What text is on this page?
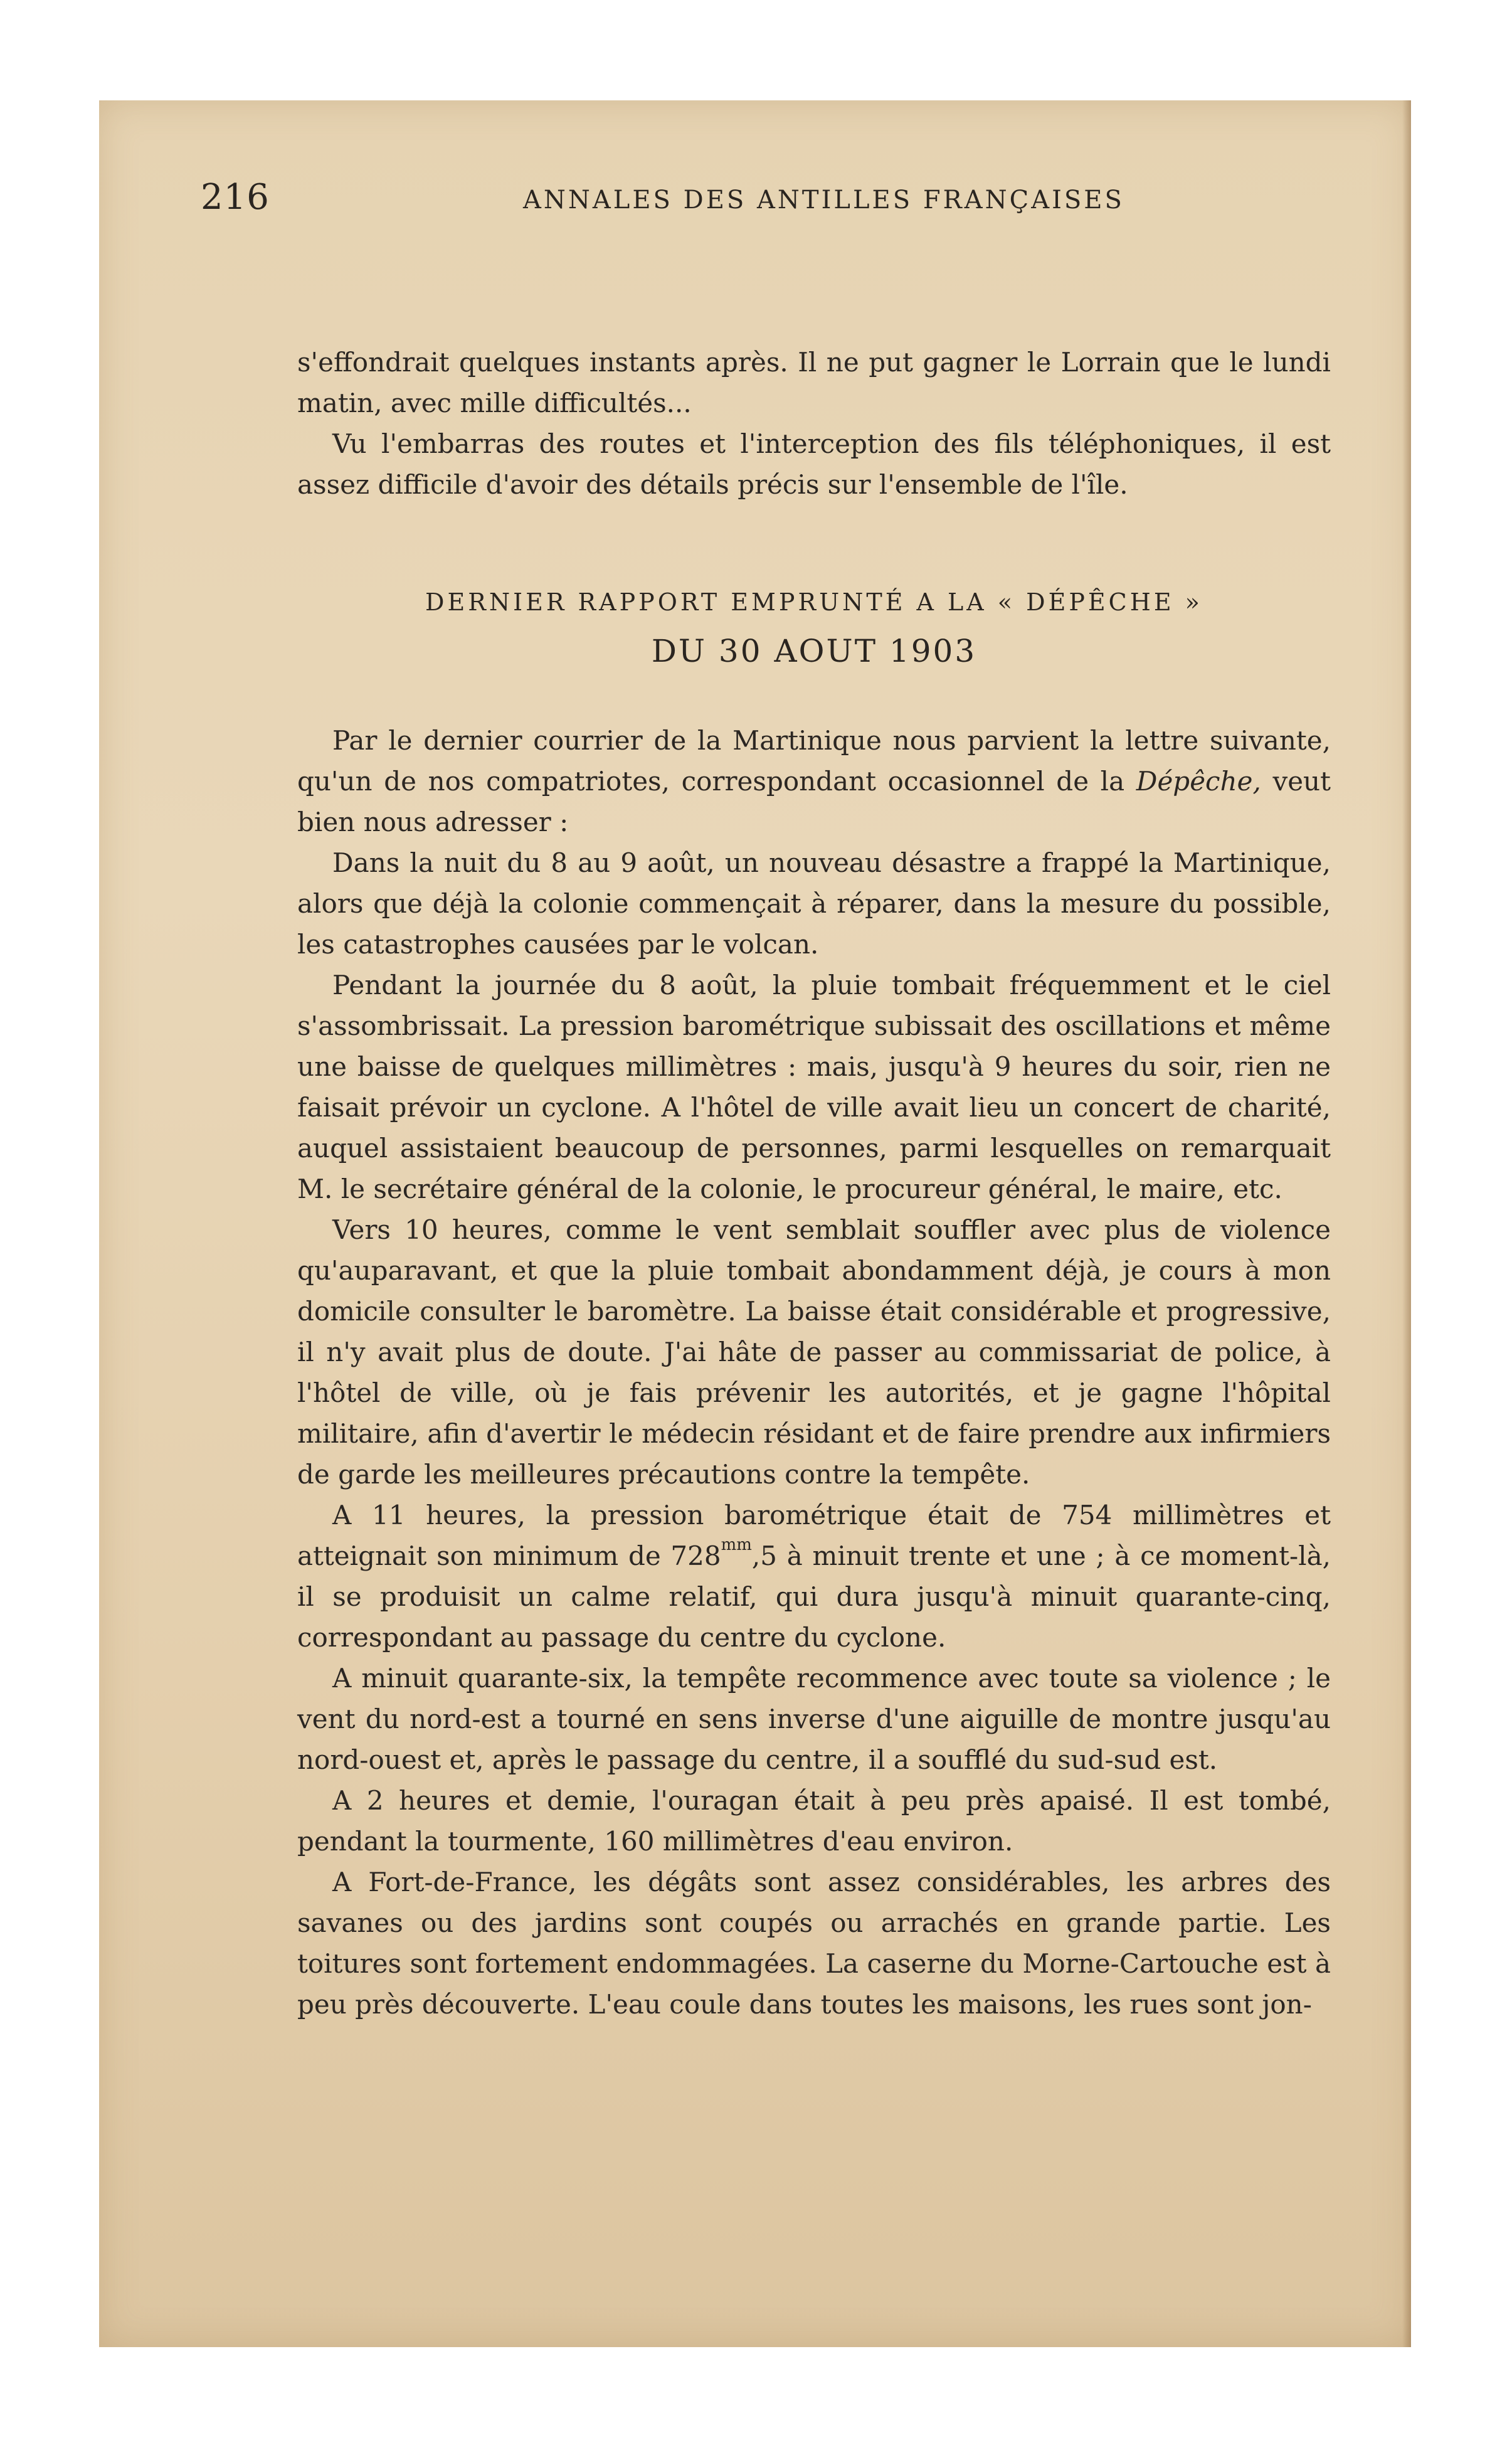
216	ANNALES DES ANTILLES FRANÇAISES

s'effondrait quelques instants après. Il ne put gagner le Lorrain que le lundi matin, avec mille difficultés...

Vu l'embarras des routes et l'interception des fils téléphoniques, il est assez difficile d'avoir des détails précis sur l'ensemble de l'île.

DERNIER RAPPORT EMPRUNTÉ A LA « DÉPÊCHE »
DU 30 AOUT 1903

Par le dernier courrier de la Martinique nous parvient la lettre suivante, qu'un de nos compatriotes, correspondant occasionnel de la Dépêche, veut bien nous adresser :

Dans la nuit du 8 au 9 août, un nouveau désastre a frappé la Martinique, alors que déjà la colonie commençait à réparer, dans la mesure du possible, les catastrophes causées par le volcan.

Pendant la journée du 8 août, la pluie tombait fréquemment et le ciel s'assombrissait. La pression barométrique subissait des oscillations et même une baisse de quelques millimètres : mais, jusqu'à 9 heures du soir, rien ne faisait prévoir un cyclone. A l'hôtel de ville avait lieu un concert de charité, auquel assistaient beaucoup de personnes, parmi lesquelles on remarquait M. le secrétaire général de la colonie, le procureur général, le maire, etc.

Vers 10 heures, comme le vent semblait souffler avec plus de violence qu'auparavant, et que la pluie tombait abondamment déjà, je cours à mon domicile consulter le baromètre. La baisse était considérable et progressive, il n'y avait plus de doute. J'ai hâte de passer au commissariat de police, à l'hôtel de ville, où je fais prévenir les autorités, et je gagne l'hôpital militaire, afin d'avertir le médecin résidant et de faire prendre aux infirmiers de garde les meilleures précautions contre la tempête.

A 11 heures, la pression barométrique était de 754 millimètres et atteignait son minimum de $728^{mm},5$ à minuit trente et une ; à ce moment-là, il se produisit un calme relatif, qui dura jusqu'à minuit quarante-cinq, correspondant au passage du centre du cyclone.

A minuit quarante-six, la tempête recommence avec toute sa violence ; le vent du nord-est a tourné en sens inverse d'une aiguille de montre jusqu'au nord-ouest et, après le passage du centre, il a soufflé du sud-sud est.

A 2 heures et demie, l'ouragan était à peu près apaisé. Il est tombé, pendant la tourmente, 160 millimètres d'eau environ.

A Fort-de-France, les dégâts sont assez considérables, les arbres des savanes ou des jardins sont coupés ou arrachés en grande partie. Les toitures sont fortement endommagées. La caserne du Morne-Cartouche est à peu près découverte. L'eau coule dans toutes les maisons, les rues sont jon-
